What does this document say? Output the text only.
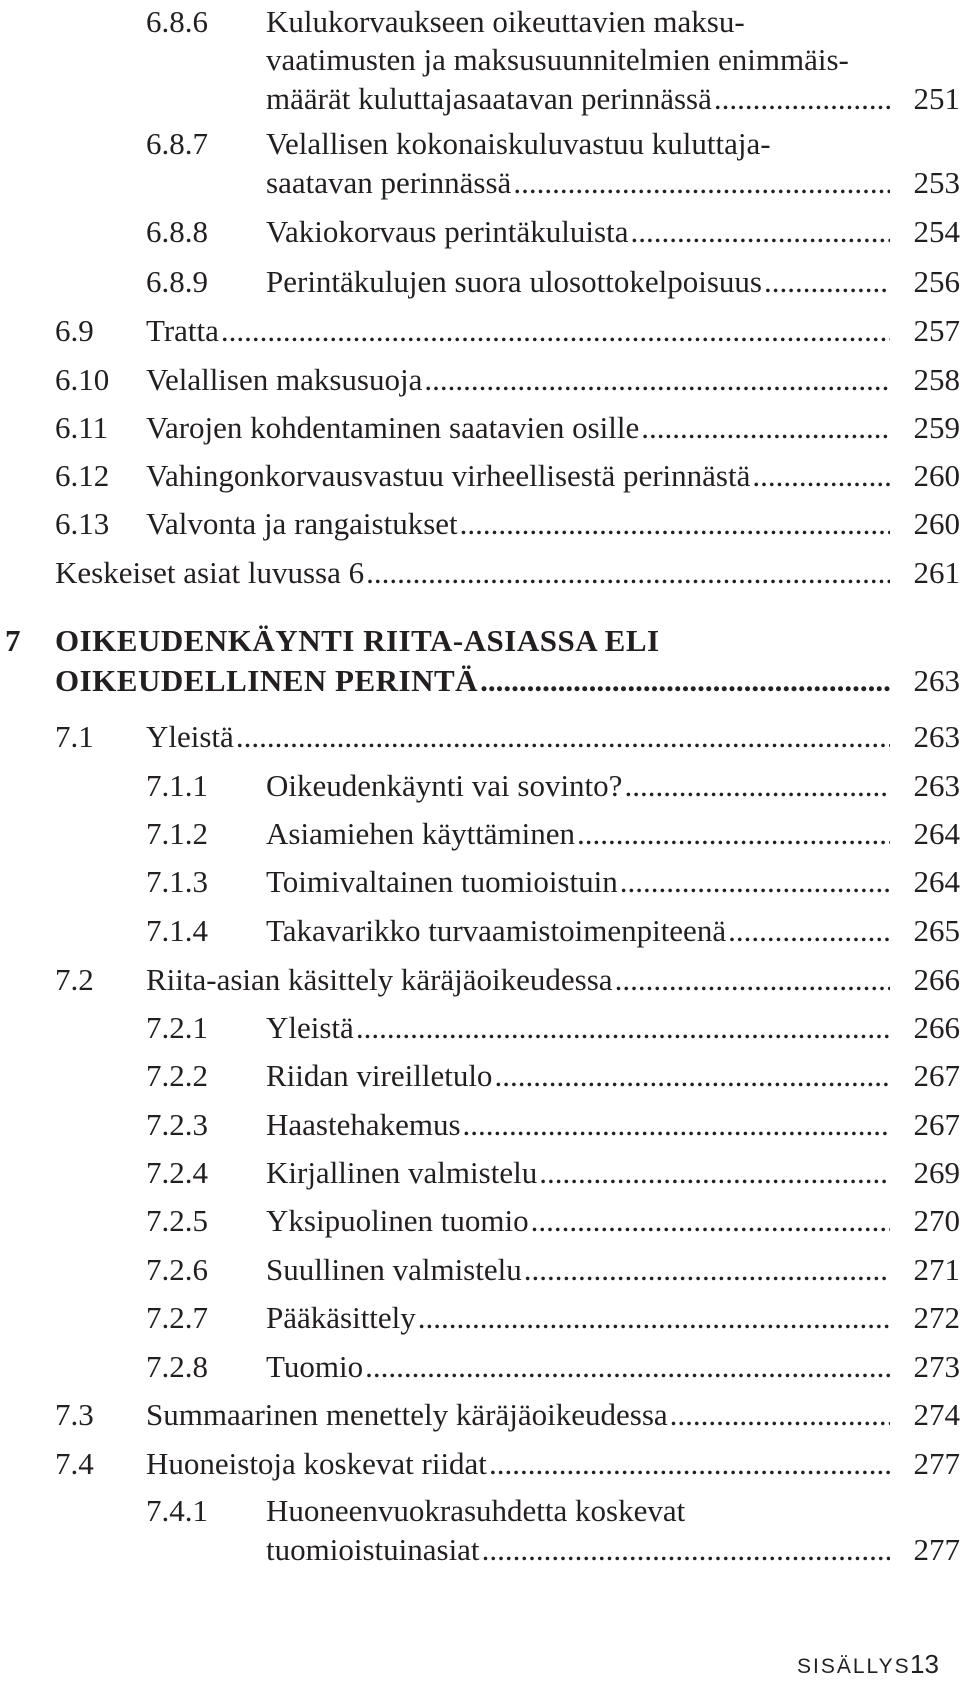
6.8.6 Kulukorvaukseen oikeuttavien maksu-
vaatimusten ja maksusuunnitelmien enimmäis-
määrät kuluttajasaatavan perinnässä .....	251
6.8.7 Velallisen kokonaiskuluvastuu kuluttaja-
saatavan perinnässä .....	253
6.8.8 Vakiokorvaus perintäkuluista .....	254
6.8.9 Perintäkulujen suora ulosottokelpoisuus .....	256
6.9 Tratta .....	257
6.10 Velallisen maksusuoja .....	258
6.11 Varojen kohdentaminen saatavien osille .....	259
6.12 Vahingonkorvausvastuu virheellisestä perinnästä .....	260
6.13 Valvonta ja rangaistukset .....	260
Keskeiset asiat luvussa 6 .....	261
7 OIKEUDENKÄYNTI RIITA-ASIASSA ELI
OIKEUDELLINEN PERINTÄ .....	263
7.1 Yleistä .....	263
7.1.1 Oikeudenkäynti vai sovinto? .....	263
7.1.2 Asiamiehen käyttäminen .....	264
7.1.3 Toimivaltainen tuomioistuin .....	264
7.1.4 Takavarikko turvaamistoimenpiteenä .....	265
7.2 Riita-asian käsittely käräjäoikeudessa .....	266
7.2.1 Yleistä .....	266
7.2.2 Riidan vireilletulo .....	267
7.2.3 Haastehakemus .....	267
7.2.4 Kirjallinen valmistelu .....	269
7.2.5 Yksipuolinen tuomio .....	270
7.2.6 Suullinen valmistelu .....	271
7.2.7 Pääkäsittely .....	272
7.2.8 Tuomio .....	273
7.3 Summaarinen menettely käräjäoikeudessa .....	274
7.4 Huoneistoja koskevat riidat .....	277
7.4.1 Huoneenvuokrasuhdetta koskevat
tuomioistuinasiat .....	277
SISÄLLYS 13
